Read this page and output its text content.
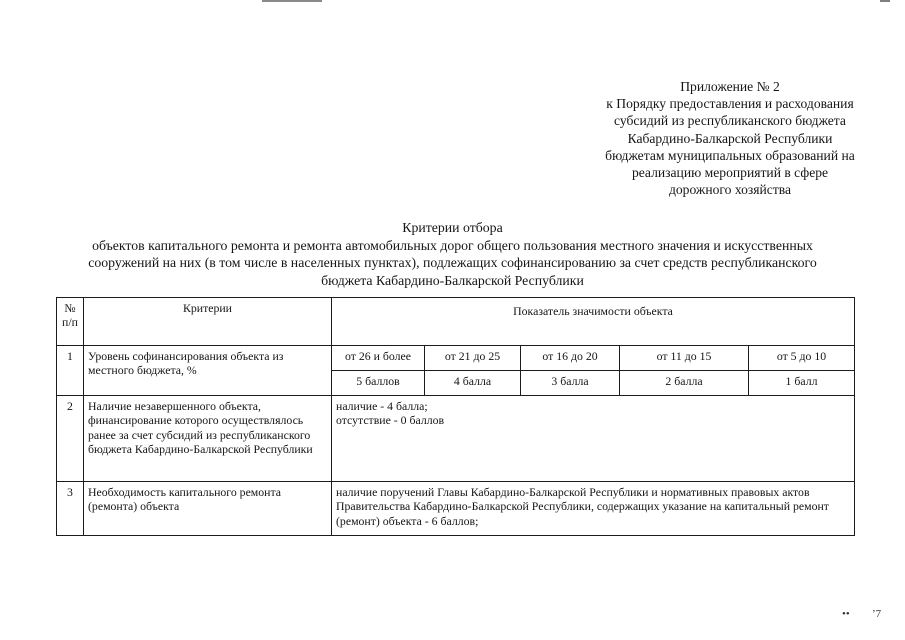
Приложение № 2
к Порядку предоставления и расходования
субсидий из республиканского бюджета
Кабардино-Балкарской Республики
бюджетам муниципальных образований на
реализацию мероприятий в сфере
дорожного хозяйства
Критерии отбора
объектов капитального ремонта и ремонта автомобильных дорог общего пользования местного значения и искусственных
сооружений на них (в том числе в населенных пунктах), подлежащих софинансированию за счет средств республиканского
бюджета Кабардино-Балкарской Республики
№ п/п	Критерии	Показатель значимости объекта				
1	Уровень софинансирования объекта из местного бюджета, %	от 26 и более	от 21 до 25	от 16 до 20	от 11 до 15	от 5 до 10
		5 баллов	4 балла	3 балла	2 балла	1 балл
2	Наличие незавершенного объекта, финансирование которого осуществлялось ранее за счет субсидий из республиканского бюджета Кабардино-Балкарской Республики	наличие - 4 балла;
отсутствие - 0 баллов				

3	Необходимость капитального ремонта (ремонта) объекта	наличие поручений Главы Кабардино-Балкарской Республики и нормативных правовых актов Правительства Кабардино-Балкарской Республики, содержащих указание на капитальный ремонт (ремонт) объекта - 6 баллов;				
•• ʼ7
